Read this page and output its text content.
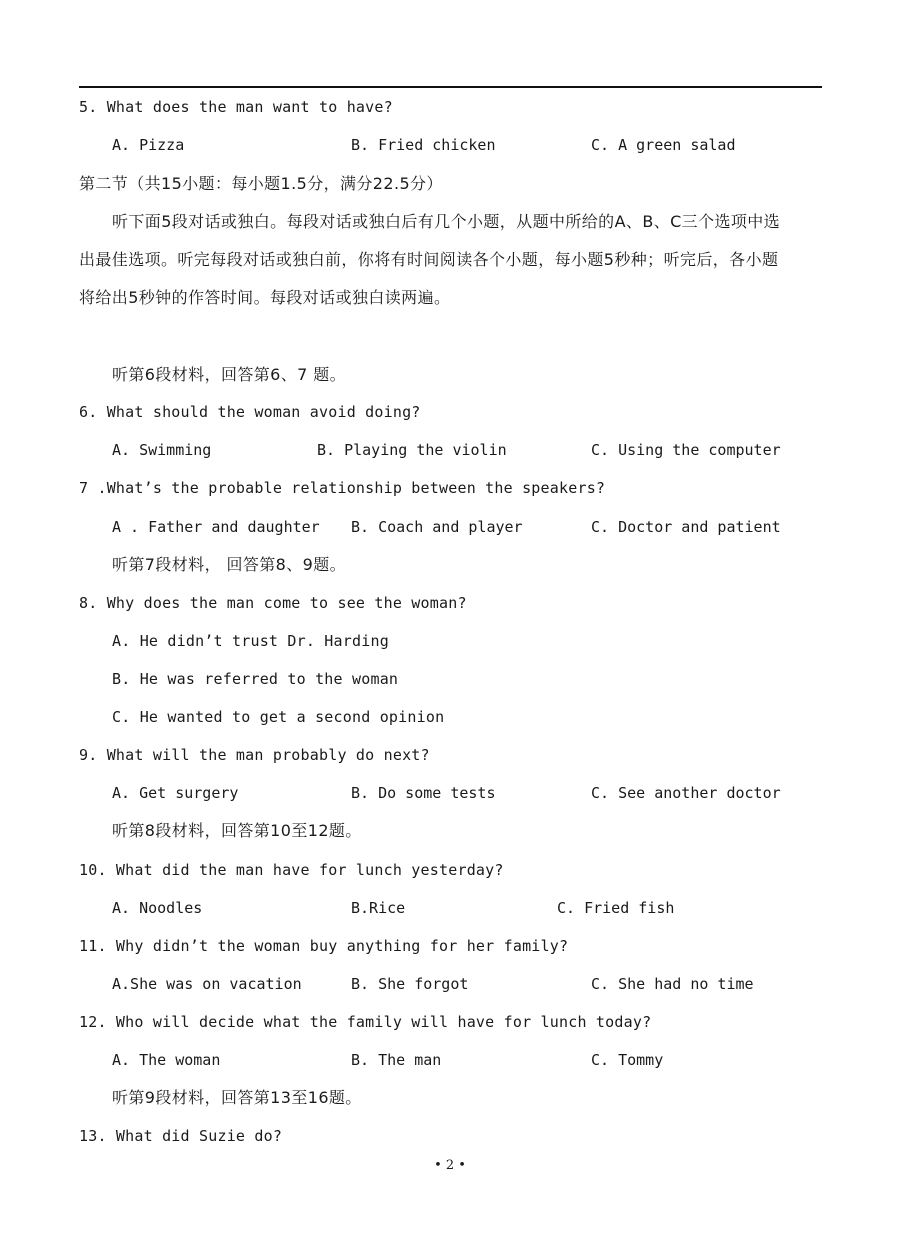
5. What does the man want to have?
A. Pizza	B. Fried chicken	C. A green salad
第二节（共15小题：每小题1.5分，满分22.5分）
听下面5段对话或独白。每段对话或独白后有几个小题，从题中所给的A、B、C三个选项中选
出最佳选项。听完每段对话或独白前，你将有时间阅读各个小题，每小题5秒种；听完后，各小题
将给出5秒钟的作答时间。每段对话或独白读两遍。
听第6段材料，回答第6、7 题。
6. What should the woman avoid doing?
A. Swimming	B. Playing the violin	C. Using the computer
7 .What’s the probable relationship between the speakers?
A . Father and daughter B. Coach and player	C. Doctor and patient
听第7段材料， 回答第8、9题。
8. Why does the man come to see the woman?
A. He didn’t trust Dr. Harding
B. He was referred to the woman
C. He wanted to get a second opinion
9. What will the man probably do next?
A. Get surgery	B. Do some tests	C. See another doctor
听第8段材料，回答第10至12题。
10. What did the man have for lunch yesterday?
A. Noodles	B.Rice	C. Fried fish
11. Why didn’t the woman buy anything for her family?
A.She was on vacation	B. She forgot	C. She had no time
12. Who will decide what the family will have for lunch today?
A. The woman	B. The man	C. Tommy
听第9段材料，回答第13至16题。
13. What did Suzie do?
• 2 •
